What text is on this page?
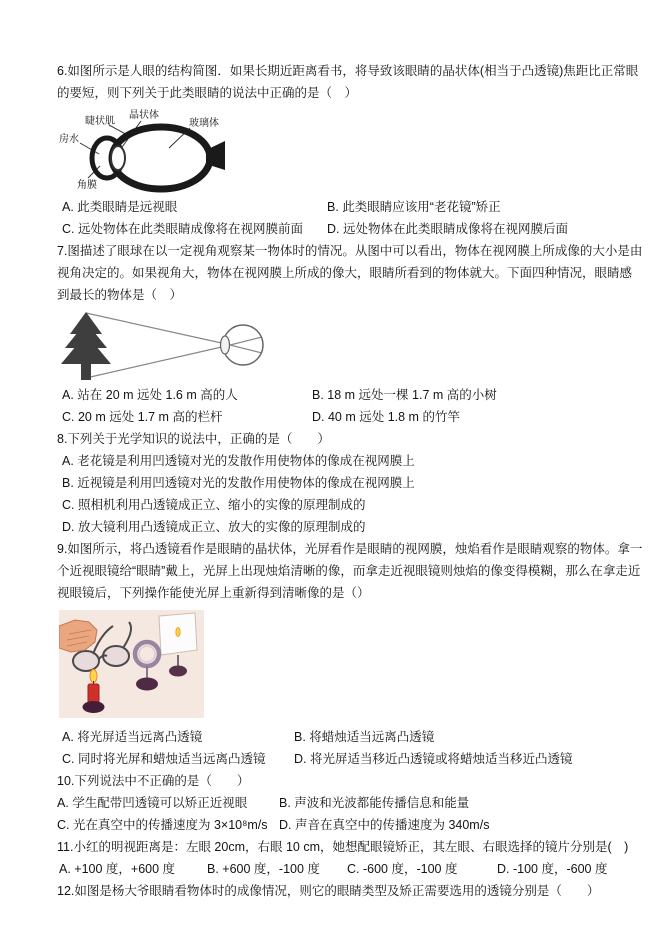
6.如图所示是人眼的结构简图．如果长期近距离看书，将导致该眼睛的晶状体(相当于凸透镜)焦距比正常眼的要短，则下列关于此类眼睛的说法中正确的是（　）

睫状肌
晶状体
玻璃体
房水
角膜
A. 此类眼睛是远视眼	B. 此类眼睛应该用“老花镜”矫正
C. 远处物体在此类眼睛成像将在视网膜前面	D. 远处物体在此类眼睛成像将在视网膜后面

7.图描述了眼球在以一定视角观察某一物体时的情况。从图中可以看出，物体在视网膜上所成像的大小是由视角决定的。如果视角大，物体在视网膜上所成的像大，眼睛所看到的物体就大。下面四种情况，眼睛感到最长的物体是（　）

A. 站在 20 m 远处 1.6 m 高的人	B. 18 m 远处一棵 1.7 m 高的小树
C. 20 m 远处 1.7 m 高的栏杆	D. 40 m 远处 1.8 m 的竹竿

8.下列关于光学知识的说法中，正确的是（　　）

A. 老花镜是利用凹透镜对光的发散作用使物体的像成在视网膜上
B. 近视镜是利用凹透镜对光的发散作用使物体的像成在视网膜上
C. 照相机利用凸透镜成正立、缩小的实像的原理制成的
D. 放大镜利用凸透镜成正立、放大的实像的原理制成的

9.如图所示，将凸透镜看作是眼睛的晶状体，光屏看作是眼睛的视网膜，烛焰看作是眼睛观察的物体。拿一个近视眼镜给“眼睛”戴上，光屏上出现烛焰清晰的像，而拿走近视眼镜则烛焰的像变得模糊，那么在拿走近视眼镜后，下列操作能使光屏上重新得到清晰像的是（）

A. 将光屏适当远离凸透镜	B. 将蜡烛适当远离凸透镜
C. 同时将光屏和蜡烛适当远离凸透镜	D. 将光屏适当移近凸透镜或将蜡烛适当移近凸透镜

10.下列说法中不正确的是（　　）

A. 学生配带凹透镜可以矫正近视眼	B. 声波和光波都能传播信息和能量
C. 光在真空中的传播速度为 3×10⁸m/s D. 声音在真空中的传播速度为 340m/s

11.小红的明视距离是：左眼 20cm，右眼 10 cm，她想配眼镜矫正，其左眼、右眼选择的镜片分别是(　)

A. +100 度，+600 度	B. +600 度，-100 度	C. -600 度，-100 度	D. -100 度，-600 度

12.如图是杨大爷眼睛看物体时的成像情况，则它的眼睛类型及矫正需要选用的透镜分别是（　　）
